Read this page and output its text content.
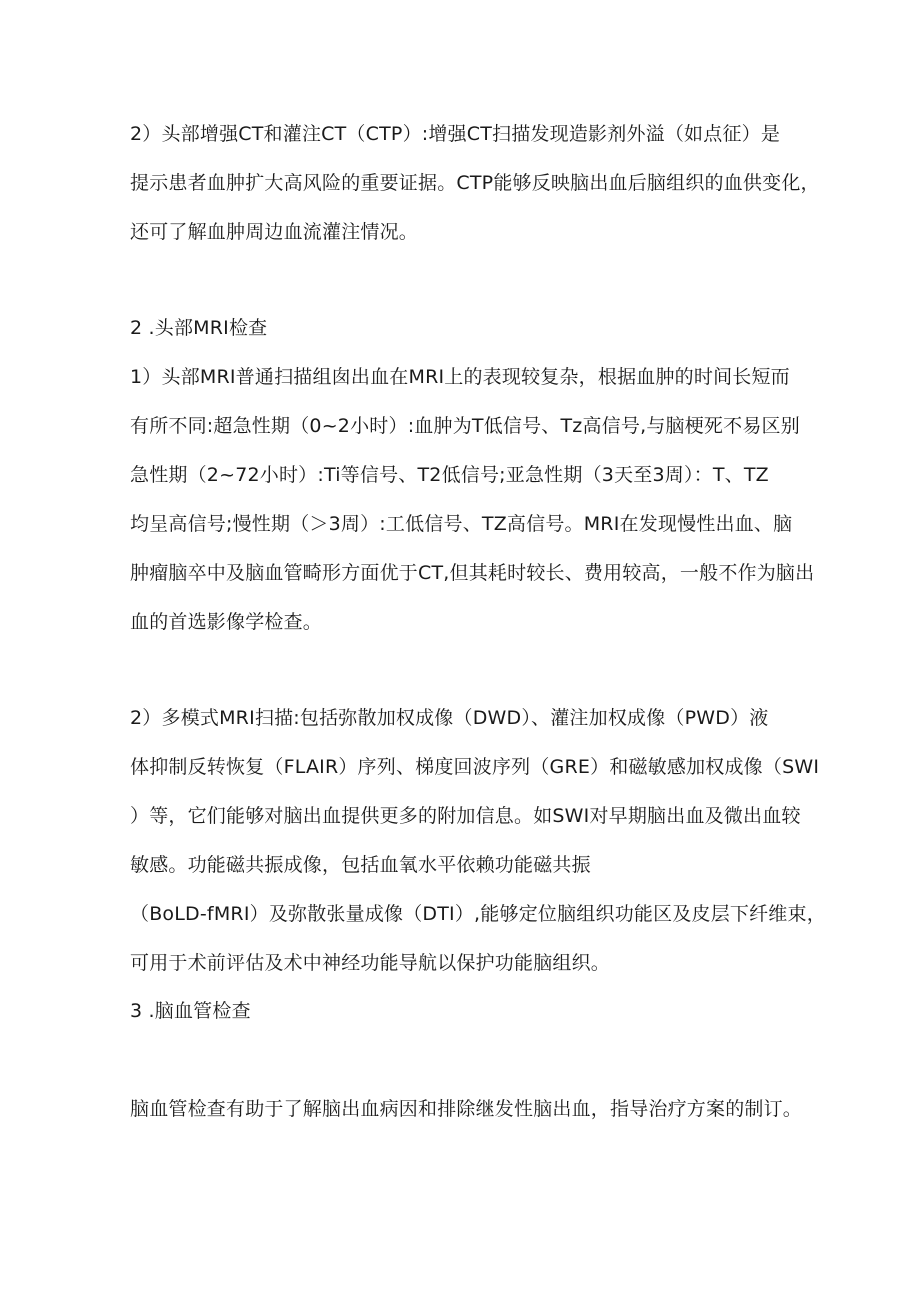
2）头部增强CT和灌注CT（CTP）:增强CT扫描发现造影剂外溢（如点征）是

提示患者血肿扩大高风险的重要证据。CTP能够反映脑出血后脑组织的血供变化，

还可了解血肿周边血流灌注情况。

2 .头部MRI检查

1）头部MRI普通扫描组囱出血在MRI上的表现较复杂，根据血肿的时间长短而

有所不同:超急性期（0~2小时）:血肿为T低信号、Tz高信号,与脑梗死不易区别

急性期（2~72小时）:Ti等信号、T2低信号;亚急性期（3天至3周）：T、TZ

均呈高信号;慢性期（＞3周）:工低信号、TZ高信号。MRI在发现慢性出血、脑

肿瘤脑卒中及脑血管畸形方面优于CT,但其耗时较长、费用较高，一般不作为脑出

血的首选影像学检查。

2）多模式MRI扫描:包括弥散加权成像（DWD）、灌注加权成像（PWD）液

体抑制反转恢复（FLAIR）序列、梯度回波序列（GRE）和磁敏感加权成像（SWI

）等，它们能够对脑出血提供更多的附加信息。如SWI对早期脑出血及微出血较

敏感。功能磁共振成像，包括血氧水平依赖功能磁共振

（BoLD-fMRI）及弥散张量成像（DTI）,能够定位脑组织功能区及皮层下纤维束，

可用于术前评估及术中神经功能导航以保护功能脑组织。

3 .脑血管检查

脑血管检查有助于了解脑出血病因和排除继发性脑出血，指导治疗方案的制订。
